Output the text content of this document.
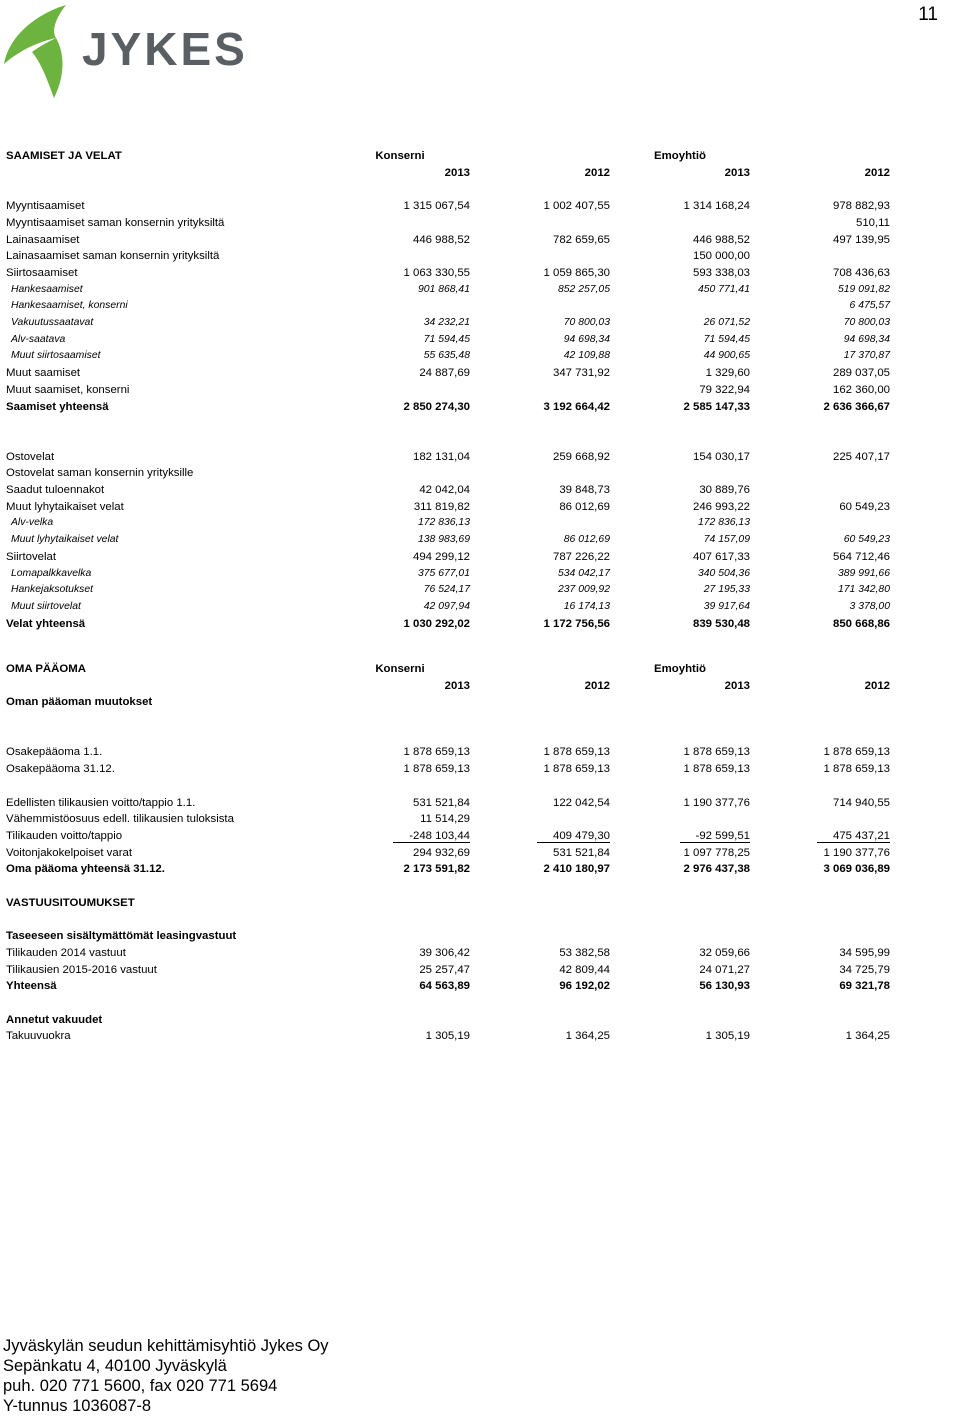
11
JYKES
SAAMISET JA VELAT	Konserni		Emoyhtiö	
	2013	2012	2013	2012

Myyntisaamiset	1 315 067,54	1 002 407,55	1 314 168,24	978 882,93
Myyntisaamiset saman konsernin yrityksiltä				510,11
Lainasaamiset	446 988,52	782 659,65	446 988,52	497 139,95
Lainasaamiset saman konsernin yrityksiltä			150 000,00	
Siirtosaamiset	1 063 330,55	1 059 865,30	593 338,03	708 436,63
Hankesaamiset	901 868,41	852 257,05	450 771,41	519 091,82
Hankesaamiset, konserni				6 475,57
Vakuutussaatavat	34 232,21	70 800,03	26 071,52	70 800,03
Alv-saatava	71 594,45	94 698,34	71 594,45	94 698,34
Muut siirtosaamiset	55 635,48	42 109,88	44 900,65	17 370,87
Muut saamiset	24 887,69	347 731,92	1 329,60	289 037,05
Muut saamiset, konserni			79 322,94	162 360,00
Saamiset yhteensä	2 850 274,30	3 192 664,42	2 585 147,33	2 636 366,67

Ostovelat	182 131,04	259 668,92	154 030,17	225 407,17
Ostovelat saman konsernin yrityksille				
Saadut tuloennakot	42 042,04	39 848,73	30 889,76	
Muut lyhytaikaiset velat	311 819,82	86 012,69	246 993,22	60 549,23
Alv-velka	172 836,13		172 836,13	
Muut lyhytaikaiset velat	138 983,69	86 012,69	74 157,09	60 549,23
Siirtovelat	494 299,12	787 226,22	407 617,33	564 712,46
Lomapalkkavelka	375 677,01	534 042,17	340 504,36	389 991,66
Hankejaksotukset	76 524,17	237 009,92	27 195,33	171 342,80
Muut siirtovelat	42 097,94	16 174,13	39 917,64	3 378,00
Velat yhteensä	1 030 292,02	1 172 756,56	839 530,48	850 668,86
OMA PÄÄOMA	Konserni		Emoyhtiö	
	2013	2012	2013	2012
Oman pääoman muutokset				

Osakepääoma 1.1.	1 878 659,13	1 878 659,13	1 878 659,13	1 878 659,13
Osakepääoma 31.12.	1 878 659,13	1 878 659,13	1 878 659,13	1 878 659,13

Edellisten tilikausien voitto/tappio 1.1.	531 521,84	122 042,54	1 190 377,76	714 940,55
Vähemmistöosuus edell. tilikausien tuloksista	11 514,29			
Tilikauden voitto/tappio	-248 103,44	409 479,30	-92 599,51	475 437,21
Voitonjakokelpoiset varat	294 932,69	531 521,84	1 097 778,25	1 190 377,76
Oma pääoma yhteensä 31.12.	2 173 591,82	2 410 180,97	2 976 437,38	3 069 036,89

VASTUUSITOUMUKSET				

Taseeseen sisältymättömät leasingvastuut				
Tilikauden 2014 vastuut	39 306,42	53 382,58	32 059,66	34 595,99
Tilikausien 2015-2016 vastuut	25 257,47	42 809,44	24 071,27	34 725,79
Yhteensä	64 563,89	96 192,02	56 130,93	69 321,78

Annetut vakuudet				
Takuuvuokra	1 305,19	1 364,25	1 305,19	1 364,25
Jyväskylän seudun kehittämisyhtiö Jykes Oy
Sepänkatu 4, 40100 Jyväskylä
puh. 020 771 5600, fax 020 771 5694
Y-tunnus 1036087-8
